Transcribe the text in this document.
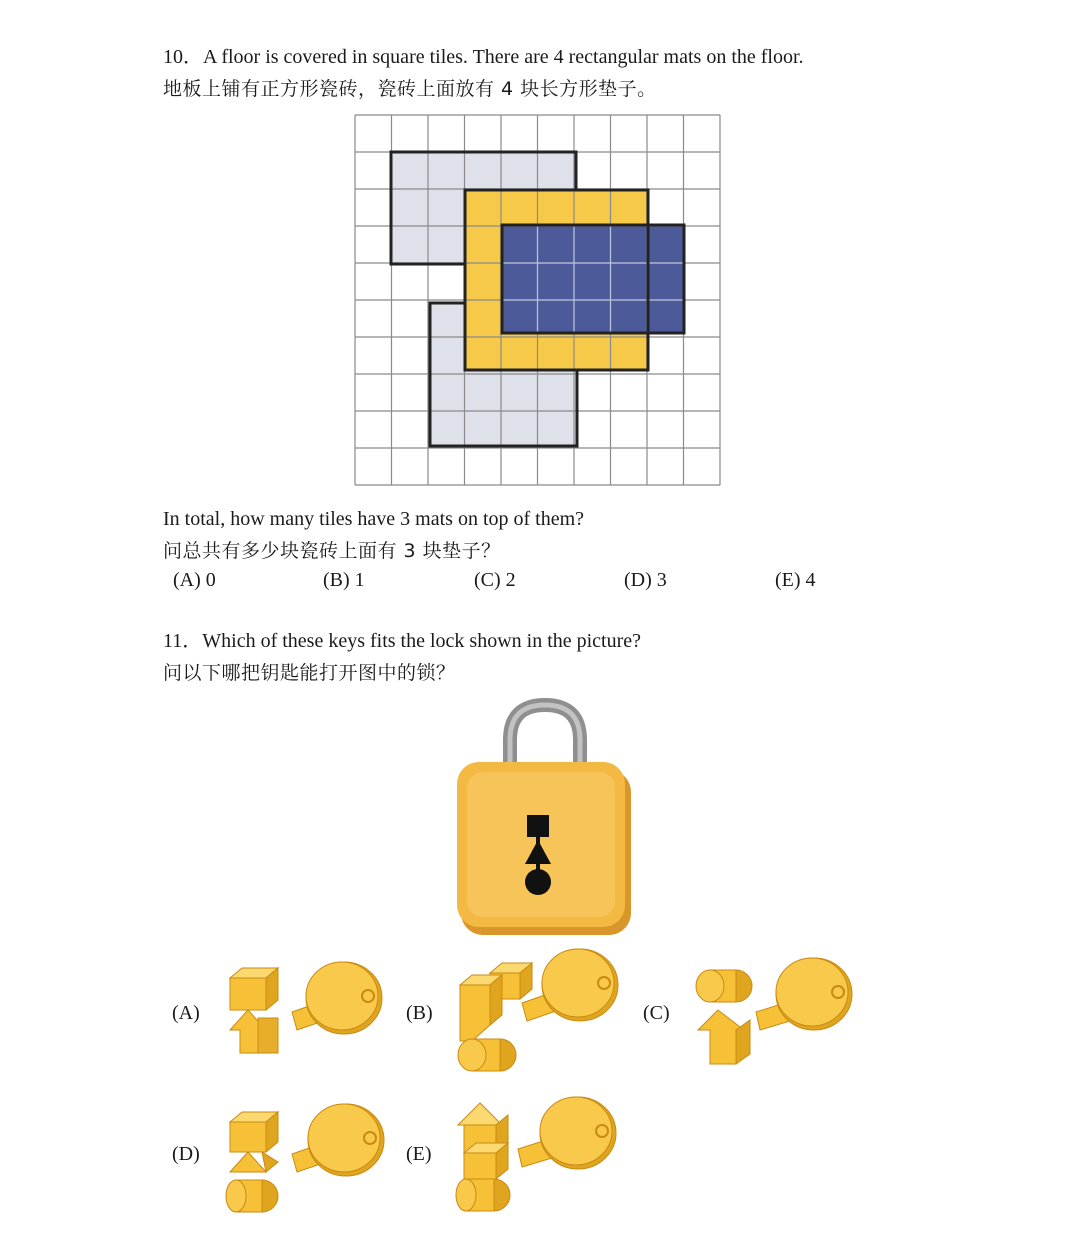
10．A floor is covered in square tiles. There are 4 rectangular mats on the floor.
地板上铺有正方形瓷砖，瓷砖上面放有 4 块长方形垫子。
In total, how many tiles have 3 mats on top of them?
问总共有多少块瓷砖上面有 3 块垫子？
(A) 0	(B) 1	(C) 2	(D) 3	(E) 4
11．Which of these keys fits the lock shown in the picture?
问以下哪把钥匙能打开图中的锁？
(A)	(B)	(C)
(D)	(E)
